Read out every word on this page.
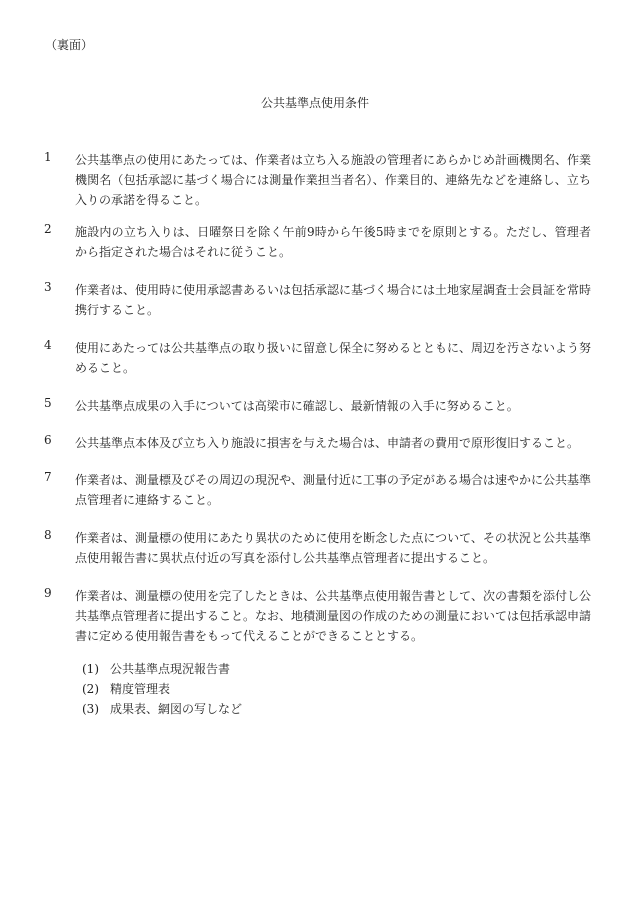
（裏面）
公共基準点使用条件
1 公共基準点の使用にあたっては、作業者は立ち入る施設の管理者にあらかじめ計画機関名、作業機関名（包括承認に基づく場合には測量作業担当者名）、作業目的、連絡先などを連絡し、立ち入りの承諾を得ること。
2 施設内の立ち入りは、日曜祭日を除く午前9時から午後5時までを原則とする。ただし、管理者から指定された場合はそれに従うこと。
3 作業者は、使用時に使用承認書あるいは包括承認に基づく場合には土地家屋調査士会員証を常時携行すること。
4 使用にあたっては公共基準点の取り扱いに留意し保全に努めるとともに、周辺を汚さないよう努めること。
5 公共基準点成果の入手については高梁市に確認し、最新情報の入手に努めること。
6 公共基準点本体及び立ち入り施設に損害を与えた場合は、申請者の費用で原形復旧すること。
7 作業者は、測量標及びその周辺の現況や、測量付近に工事の予定がある場合は速やかに公共基準点管理者に連絡すること。
8 作業者は、測量標の使用にあたり異状のために使用を断念した点について、その状況と公共基準点使用報告書に異状点付近の写真を添付し公共基準点管理者に提出すること。
9 作業者は、測量標の使用を完了したときは、公共基準点使用報告書として、次の書類を添付し公共基準点管理者に提出すること。なお、地積測量図の作成のための測量においては包括承認申請書に定める使用報告書をもって代えることができることとする。
(1) 公共基準点現況報告書
(2) 精度管理表
(3) 成果表、網図の写しなど
